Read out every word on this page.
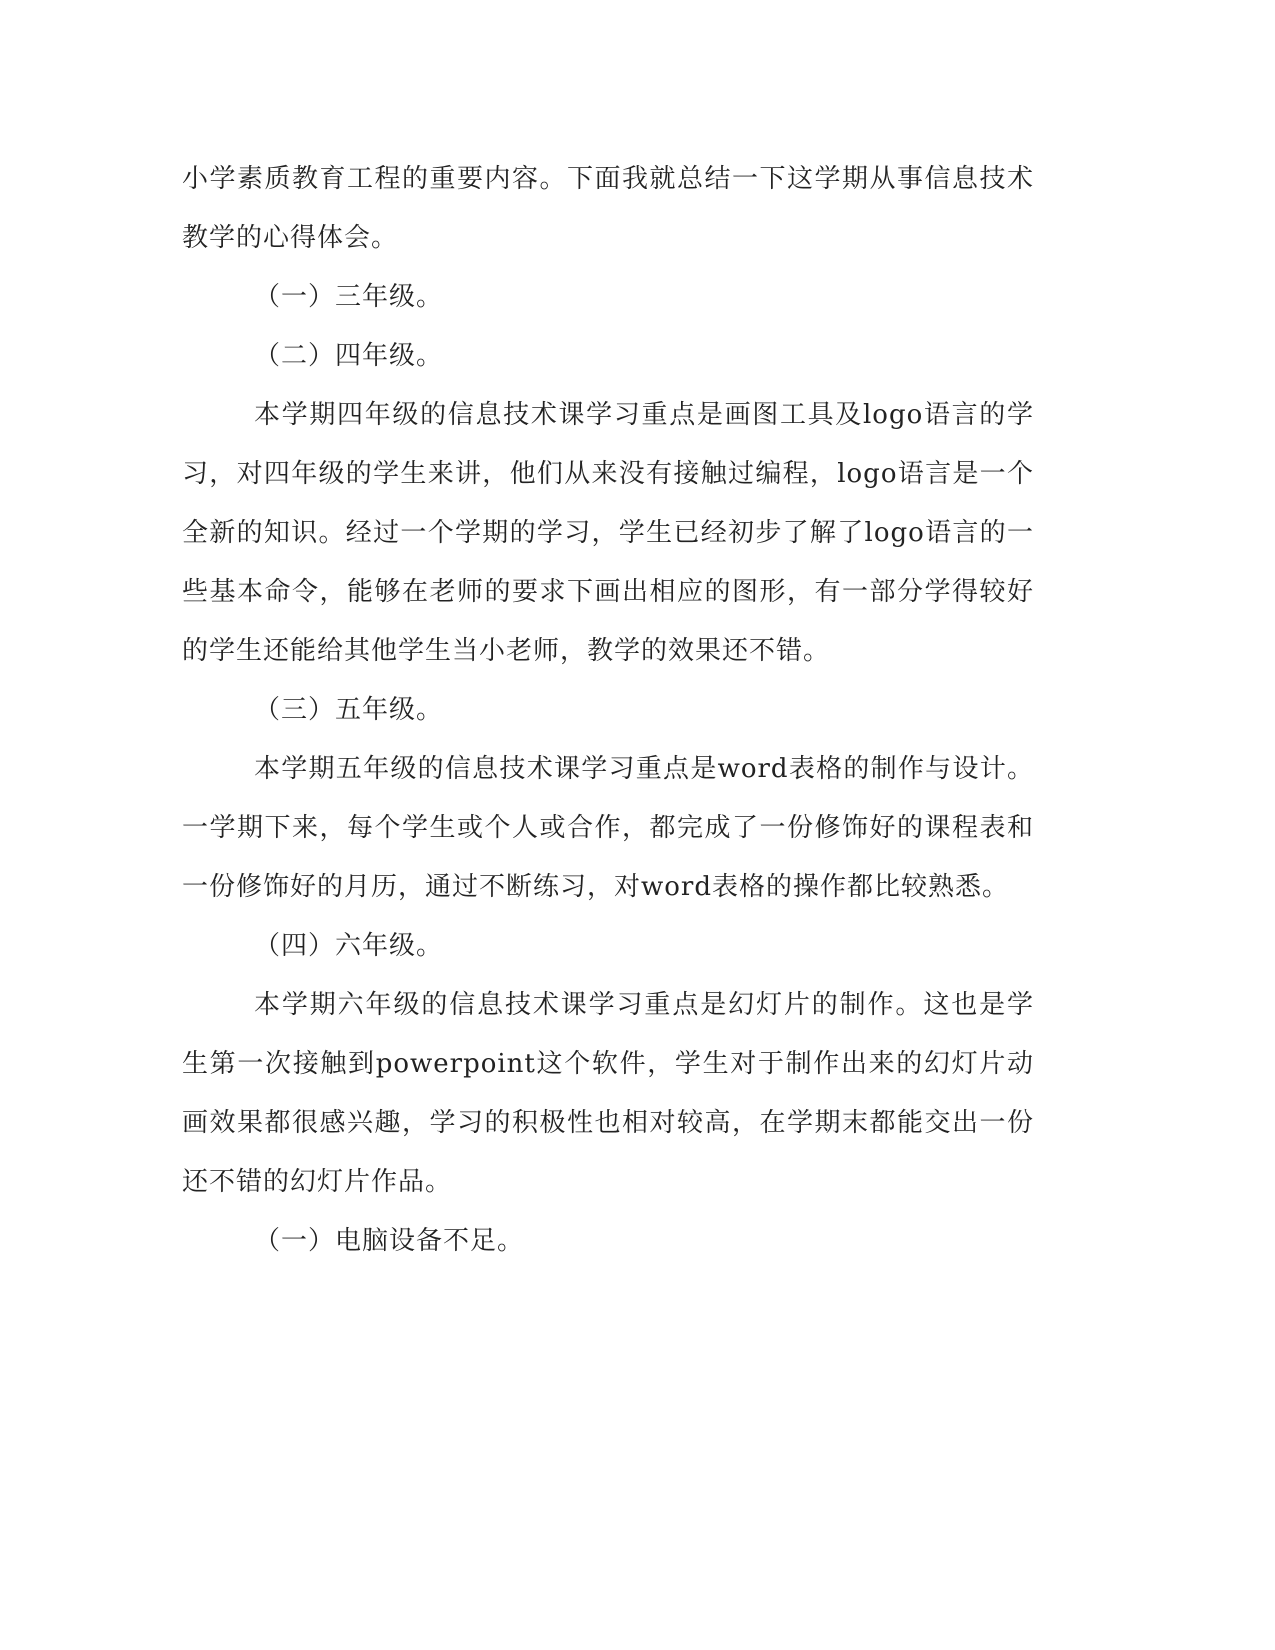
小学素质教育工程的重要内容。下面我就总结一下这学期从事信息技术教学的心得体会。

（一）三年级。

（二）四年级。

本学期四年级的信息技术课学习重点是画图工具及logo语言的学习，对四年级的学生来讲，他们从来没有接触过编程，logo语言是一个全新的知识。经过一个学期的学习，学生已经初步了解了logo语言的一些基本命令，能够在老师的要求下画出相应的图形，有一部分学得较好的学生还能给其他学生当小老师，教学的效果还不错。

（三）五年级。

本学期五年级的信息技术课学习重点是word表格的制作与设计。一学期下来，每个学生或个人或合作，都完成了一份修饰好的课程表和一份修饰好的月历，通过不断练习，对word表格的操作都比较熟悉。

（四）六年级。

本学期六年级的信息技术课学习重点是幻灯片的制作。这也是学生第一次接触到powerpoint这个软件，学生对于制作出来的幻灯片动画效果都很感兴趣，学习的积极性也相对较高，在学期末都能交出一份还不错的幻灯片作品。

（一）电脑设备不足。
